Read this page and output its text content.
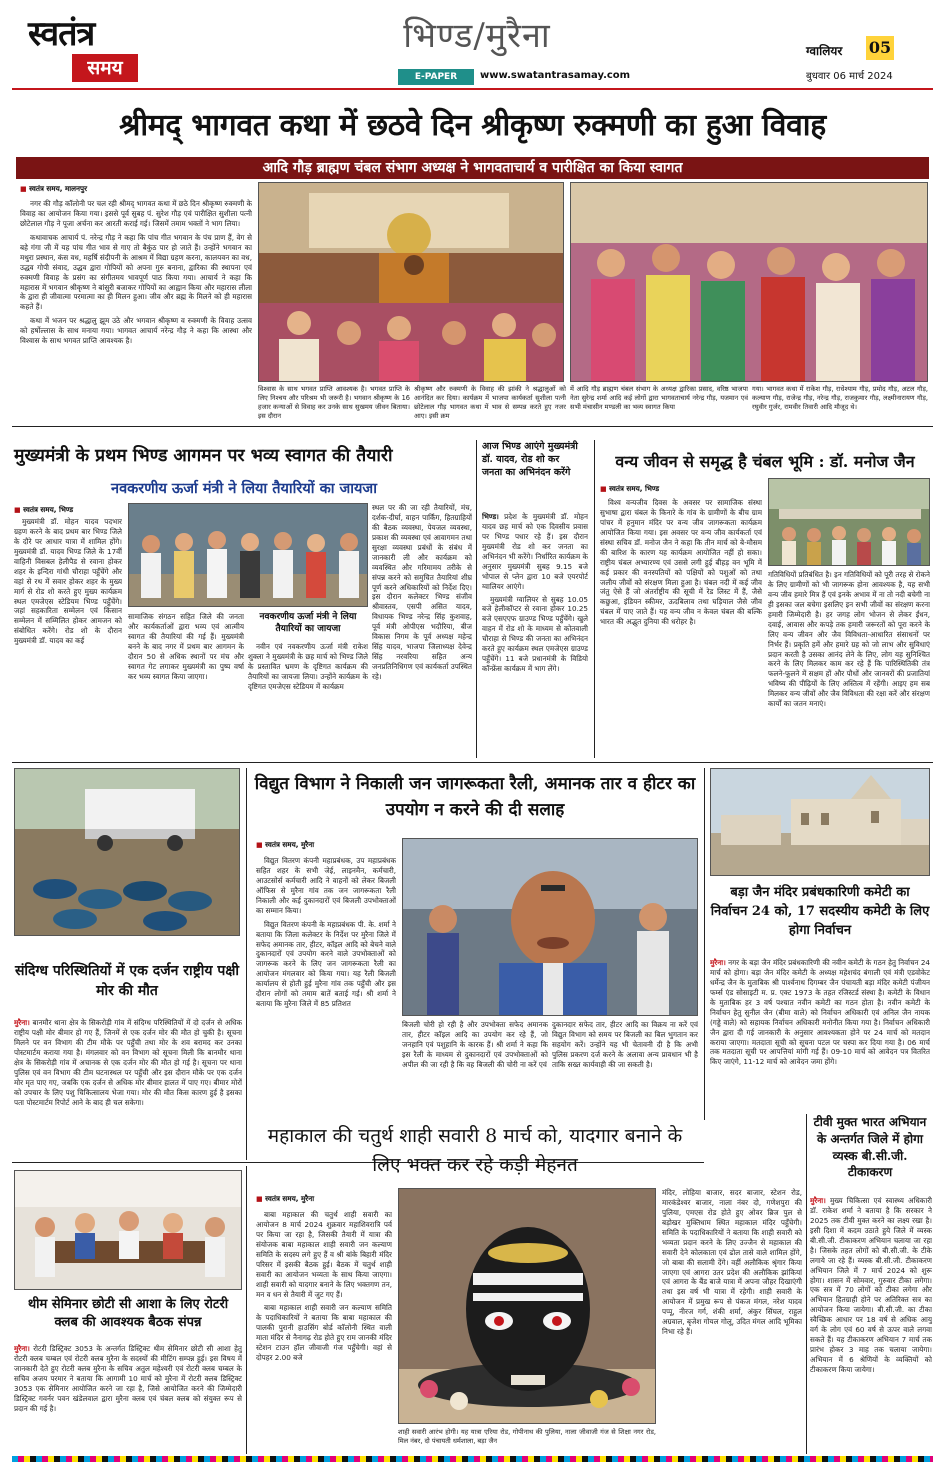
स्वतंत्र
समय
भिण्ड/मुरैना
E-PAPER	www.swatantrasamay.com
ग्वालियर 05
बुधवार 06 मार्च 2024
श्रीमद् भागवत कथा में छठवे दिन श्रीकृष्ण रुक्मणी का हुआ विवाह
आदि गौड़ ब्राह्मण चंबल संभाग अध्यक्ष ने भागवताचार्य व पारीक्षित का किया स्वागत
■ स्वतंत्र समय, मालनपुर

नगर की गौड़ कॉलोनी पर चल रही श्रीमद् भागवत कथा में छठे दिन श्रीकृष्ण रुक्मणी के विवाह का आयोजन किया गया। इससे पूर्व सुबह पं. सुरेश गौड़ एवं पारीक्षित सुशीला पत्नी छोटेलाल गौड़ ने पूजा अर्चना कर आरती कराई गई। जिसमें तमाम भक्तों ने भाग लिया।

कथावाचक आचार्य पं. नरेन्द्र गौड़ ने कहा कि पांच गीत भगवान के पंच प्राण हैं, वेग से बहे गंगा जी में यह पांच गीत भाव से गाए तो बैकुंठ पार हो जाते हैं। उन्होंने भगवान का मथुरा प्रस्थान, कंस वध, महर्षि संदीपनी के आश्रम में विद्या ग्रहण करना, कालयवन का वध, उद्धव गोपी संवाद, उद्धव द्वारा गोपियों को अपना गुरु बनाना, द्वारिका की स्थापना एवं रुक्मणी विवाह के प्रसंग का संगीतमय भावपूर्ण पाठ किया गया। आचार्य ने कहा कि महारास में भगवान श्रीकृष्ण ने बांसुरी बजाकर गोपियों का आह्वान किया और महारास लीला के द्वारा ही जीवात्मा परमात्मा का ही मिलन हुआ। जीव और ब्रह्म के मिलने को ही महारास कहते हैं।

कथा में भजन पर श्रद्धालु झूम उठे और भगवान श्रीकृष्ण व रुक्मणी के विवाह उत्सव को हर्षोल्लास के साथ मनाया गया। भागवत आचार्य नरेन्द्र गौड़ ने कहा कि आस्था और विश्वास के साथ भगवत प्राप्ति आवश्यक है।

विश्वास के साथ भगवत प्राप्ति आवश्यक है। भगवत प्राप्ति के लिए निश्चय और परिश्रम भी जरूरी है। भगवान श्रीकृष्ण के 16 हजार कन्याओं से विवाह कर उनके साथ सुखमय जीवन बिताया। इस दौरान
श्रीकृष्ण और रुक्मणी के विवाह की झांकी ने श्रद्धालुओं को आनंदित कर दिया। कार्यक्रम में भाजपा कार्यकर्ता सुशीला पत्नी छोटेलाल गौड़ भागवत कथा में भाव से सम्पन्न करते हुए नजर आए। इसी क्रम
में आदि गौड़ ब्राह्मण चंबल संभाग के अध्यक्ष द्वारिका प्रसाद, वरिष्ठ भाजपा नेता सुरेन्द्र शर्मा आदि कई लोगों द्वारा भागवताचार्य नरेन्द्र गौड़, यजमान एवं सभी मंचासीन मण्डली का भव्य स्वागत किया
गया। भागवत कथा में राकेश गौड़, राधेश्याम गौड़, प्रमोद गौड़, अटल गौड़, कल्याण गौड़, राजेन्द्र गौड़, नरेन्द्र गौड़, राजकुमार गौड़, लक्ष्मीनारायण गौड़, रघुवीर गुर्जर, रामवीर तिवारी आदि मौजूद थे।
मुख्यमंत्री के प्रथम भिण्ड आगमन पर भव्य स्वागत की तैयारी
नवकरणीय ऊर्जा मंत्री ने लिया तैयारियों का जायजा
■ स्वतंत्र समय, भिण्ड
मुख्यमंत्री डॉ. मोहन यादव पदभार ग्रहण करने के बाद प्रथम बार भिण्ड जिले के दौरे पर आधार यात्रा में शामिल होंगे। मुख्यमंत्री डॉ. यादव भिण्ड जिले के 17वीं वाहिनी विसबल हेलीपैड से रवाना होकर शहर के इन्दिरा गांधी चौराहा पहुँचेंगे और वहां से रथ में सवार होकर शहर के मुख्य मार्ग से रोड शो करते हुए मुख्य कार्यक्रम स्थल एमजेएस स्टेडियम भिण्ड पहुँचेंगे। जहां सहकारिता सम्मेलन एवं किसान सम्मेलन में सम्मिलित होकर आमजन को संबोधित करेंगे। रोड शो के दौरान मुख्यमंत्री डॉ. यादव का कई
सामाजिक संगठन सहित जिले की जनता और कार्यकर्ताओं द्वारा भव्य एवं आत्मीय स्वागत की तैयारियां की गई हैं। मुख्यमंत्री बनने के बाद नगर में प्रथम बार आगमन के दौरान 50 से अधिक स्थानों पर मंच और स्वागत गेट लगाकर मुख्यमंत्री का पुष्प वर्षा कर भव्य स्वागत किया जाएगा।
नवकरणीय ऊर्जा मंत्री ने लिया तैयारियों का जायजा
नवीन एवं नवकरणीय ऊर्जा मंत्री राकेश शुक्ला ने मुख्यमंत्री के छह मार्च को भिण्ड जिले के प्रस्तावित भ्रमण के दृष्टिगत कार्यक्रम की तैयारियों का जायजा लिया। उन्होंने कार्यक्रम के दृष्टिगत एमजेएस स्टेडियम में कार्यक्रम
स्थल पर की जा रही तैयारियों, मंच, दर्शक-दीर्घा, वाहन पार्किंग, हितग्राहियों की बैठक व्यवस्था, पेयजल व्यवस्था, प्रकाश की व्यवस्था एवं आवागमन तथा सुरक्षा व्यवस्था प्रबंधों के संबंध में जानकारी ली और कार्यक्रम को व्यवस्थित और गरिमामय तरीके से संपन्न करने को समुचित तैयारियां शीघ्र पूर्ण करने अधिकारियों को निर्देश दिए। इस दौरान कलेक्टर भिण्ड संजीव श्रीवास्तव, एसपी असित यादव, विधायक भिण्ड नरेन्द्र सिंह कुशवाह, पूर्व मंत्री ओपीएस भदौरिया, बीज विकास निगम के पूर्व अध्यक्ष महेन्द्र सिंह यादव, भाजपा जिलाध्यक्ष देवेन्द्र सिंह नरवरिया सहित अन्य जनप्रतिनिधिगण एवं कार्यकर्ता उपस्थित रहे।
आज भिण्ड आएंगे मुख्यमंत्री डॉ. यादव, रोड शो कर जनता का अभिनंदन करेंगे

भिण्ड। प्रदेश के मुख्यमंत्री डॉ. मोहन यादव छह मार्च को एक दिवसीय प्रवास पर भिण्ड पधार रहे हैं। इस दौरान मुख्यमंत्री रोड शो कर जनता का अभिनंदन भी करेंगे। निर्धारित कार्यक्रम के अनुसार मुख्यमंत्री सुबह 9.15 बजे भोपाल से प्लेन द्वारा 10 बजे एयरपोर्ट ग्वालियर आएंगे।

मुख्यमंत्री ग्वालियर से सुबह 10.05 बजे हेलीकॉप्टर से रवाना होकर 10.25 बजे एसएएफ ग्राउण्ड भिण्ड पहुँचेंगे। खुले वाहन में रोड शो के माध्यम से कोतवाली चौराहा से भिण्ड की जनता का अभिनंदन करते हुए कार्यक्रम स्थल एमजेएस ग्राउण्ड पहुँचेंगे। 11 बजे प्रधानमंत्री के विडियो कॉन्फ्रेंस कार्यक्रम में भाग लेंगे।

वन्य जीवन से समृद्ध है चंबल भूमि : डॉ. मनोज जैन
■ स्वतंत्र समय, भिण्ड
विश्व वन्यजीव दिवस के अवसर पर सामाजिक संस्था सुभाषा द्वारा चंबल के किनारे के गांव के ग्रामीणों के बीच ग्राम पांचर में हनुमान मंदिर पर वन्य जीव जागरूकता कार्यक्रम आयोजित किया गया। इस अवसर पर वन्य जीव कार्यकर्ता एवं संस्था सचिव डॉ. मनोज जैन ने कहा कि तीन मार्च को बे-मौसम की बारिश के कारण यह कार्यक्रम आयोजित नहीं हो सका। राष्ट्रीय चंबल अभ्यारण्य एवं उससे लगी हुई बीहड़ वन भूमि में कई प्रकार की वनस्पतियों को पक्षियों को पशुओं को तथा जलीय जीवों को संरक्षण मिला हुआ है। चंबल नदी में कई जीव जंतु ऐसे हैं जो अंतर्राष्ट्रीय की सूची में रेड लिस्ट में हैं, जैसे कछुआ, इंडियन स्कीमर, ऊदबिलाव तथा घड़ियाल जैसे जीव चंबल में पाए जाते हैं। यह वन्य जीव न केवल चंबल की बल्कि भारत की अद्भुत दुनिया की धरोहर है।
गतिविधियों प्रतिबंधित है। इन गतिविधियों को पूरी तरह से रोकने के लिए ग्रामीणों को भी जागरूक होना आवश्यक है, यह सभी वन्य जीव हमारे मित्र हैं एवं इनके अभाव में ना तो नदी बचेगी ना ही इसका जल बचेगा इसलिए इन सभी जीवों का संरक्षण करना हमारी जिम्मेदारी है। हर जगह लोग भोजन से लेकर ईंधन, दवाई, आवास और कपड़े तक हमारी जरूरतों को पूरा करने के लिए वन्य जीवन और जैव विविधता-आधारित संसाधनों पर निर्भर हैं। प्रकृति हमें और हमारे ग्रह को जो लाभ और सुविधाएं प्रदान करती है उसका आनंद लेने के लिए, लोग यह सुनिश्चित करने के लिए मिलकर काम कर रहे हैं कि पारिस्थितिकी तंत्र फलने-फूलने में सक्षम हों और पौधों और जानवरों की प्रजातियां भविष्य की पीढ़ियों के लिए अस्तित्व में रहेंगी। आइए हम सब मिलकर वन्य जीवों और जैव विविधता की रक्षा करें और संरक्षण कार्यों का जतन मनाएं।
संदिग्ध परिस्थितियों में एक दर्जन राष्ट्रीय पक्षी मोर की मौत
मुरैना। बानमौर थाना क्षेत्र के सिकरोड़ी गांव में संदिग्ध परिस्थितियों में दो दर्जन से अधिक राष्ट्रीय पक्षी मोर बीमार हो गए हैं, जिनमें से एक दर्जन मोर की मौत हो चुकी है। सूचना मिलने पर वन विभाग की टीम मौके पर पहुँची तथा मोर के शव बरामद कर उनका पोस्टमार्टम कराया गया है। मंगलवार को वन विभाग को सूचना मिली कि बानमौर थाना क्षेत्र के सिकरोड़ी गांव में अचानक से एक दर्जन मोर की मौत हो गई है। सूचना पर थाना पुलिस एवं वन विभाग की टीम घटनास्थल पर पहुँची और इस दौरान मौके पर एक दर्जन मोर मृत पाए गए, जबकि एक दर्जन से अधिक मोर बीमार हालत में पाए गए। बीमार मोरों को उपचार के लिए पशु चिकित्सालय भेजा गया। मोर की मौत किस कारण हुई है इसका पता पोस्टमार्टम रिपोर्ट आने के बाद ही चल सकेगा।
विद्युत विभाग ने निकाली जन जागरूकता रैली, अमानक तार व हीटर का उपयोग न करने की दी सलाह
■ स्वतंत्र समय, मुरैना

विद्युत वितरण कंपनी महाप्रबंधक, उप महाप्रबंधक सहित शहर के सभी जेई, लाइनमैन, कर्मचारी, आउटसोर्स कर्मचारी आदि ने वाहनों को लेकर बिजली ऑफिस से मुरैना गांव तक जन जागरूकता रैली निकाली और कई दुकानदारों एवं बिजली उपभोक्ताओं का सम्मान किया।

विद्युत वितरण कंपनी के महाप्रबंधक पी. के. शर्मा ने बताया कि जिला कलेक्टर के निर्देश पर मुरैना जिले में सफेद अमानक तार, हीटर, कॉइल आदि को बेचने वाले दुकानदारों एवं उपयोग करने वाले उपभोक्ताओं को जागरूक करने के लिए जन जागरूकता रैली का आयोजन मंगलवार को किया गया। यह रैली बिजली कार्यालय से होती हुई मुरैना गांव तक पहुँची और इस दौरान लोगों को तमाम बातें बताई गई। श्री शर्मा ने बताया कि मुरैना जिले में 85 प्रतिशत

बिजली चोरी हो रही है और उपभोक्ता सफेद अमानक तार, हीटर कॉइल आदि का उपयोग कर रहे हैं, जो जनहानि एवं पशुहानि के कारक हैं। श्री शर्मा ने कहा कि इस रैली के माध्यम से दुकानदारों एवं उपभोक्ताओं को अपील की जा रही है कि वह बिजली की चोरी ना करें एवं
दुकानदार सफेद तार, हीटर आदि का विक्रय ना करें एवं विद्युत विभाग को समय पर बिजली का बिल भुगतान कर सहयोग करें। उन्होंने यह भी चेतावनी दी है कि अभी पुलिस प्रकरण दर्ज करने के अलावा अन्य प्रावधान भी है ताकि सख्त कार्यवाही की जा सकती है।
बड़ा जैन मंदिर प्रबंधकारिणी कमेटी का निर्वाचन 24 को, 17 सदस्यीय कमेटी के लिए होगा निर्वाचन
मुरैना। नगर के बड़ा जैन मंदिर प्रबंधकारिणी की नवीन कमेटी के गठन हेतु निर्वाचन 24 मार्च को होगा। बड़ा जैन मंदिर कमेटी के अध्यक्ष महेशचंद बंगाली एवं मंत्री एडवोकेट धर्मेन्द्र जैन के मुताबिक श्री पार्श्वनाथ दिगम्बर जैन पंचायती बड़ा मंदिर कमेटी पंजीयन फर्म्स एंड सोसाइटी म. प्र. एक्ट 1973 के तहत रजिस्टर्ड संस्था है। कमेटी के विधान के मुताबिक हर 3 वर्ष पश्चात नवीन कमेटी का गठन होता है। नवीन कमेटी के निर्वाचन हेतु सुनील जैन (बीमा वाले) को निर्वाचन अधिकारी एवं अनिल जैन नायक (गड्डे वाले) को सहायक निर्वाचन अधिकारी मनोनीत किया गया है। निर्वाचन अधिकारी जैन द्वारा दी गई जानकारी के अनुसार आवश्यकता होने पर 24 मार्च को मतदान कराया जाएगा। मतदाता सूची को सूचना पटल पर चस्पा कर दिया गया है। 06 मार्च तक मतदाता सूची पर आपत्तियां मांगी गई हैं। 09-10 मार्च को आवेदन पत्र वितरित किए जाएंगे, 11-12 मार्च को आवेदन जमा होंगे।
थीम सेमिनार छोटी सी आशा के लिए रोटरी क्लब की आवश्यक बैठक संपन्न
मुरैना। रोटरी डिस्ट्रिक्ट 3053 के अन्तर्गत डिस्ट्रिक्ट थीम सेमिनार छोटी सी आशा हेतु रोटरी क्लब चम्बल एवं रोटरी क्लब मुरैना के सदस्यों की मीटिंग सम्पन्न हुई। इस विषय में जानकारी देते हुए रोटरी क्लब मुरैना के सचिव अतुल महेश्वरी एवं रोटरी क्लब चम्बल के सचिव अजय परमार ने बताया कि आगामी 10 मार्च को मुरैना में रोटरी क्लब डिस्ट्रिक्ट 3053 एक सेमिनार आयोजित करने जा रहा है, जिसे आयोजित करने की जिम्मेदारी डिस्ट्रिक्ट गवर्नर पवन खंडेलवाल द्वारा मुरैना क्लब एवं चंबल क्लब को संयुक्त रूप से प्रदान की गई है।
महाकाल की चतुर्थ शाही सवारी 8 मार्च को, यादगार बनाने के लिए भक्त कर रहे कड़ी मेहनत
■ स्वतंत्र समय, मुरैना

बाबा महाकाल की चतुर्थ शाही सवारी का आयोजन 8 मार्च 2024 शुक्रवार महाशिवरात्रि पर्व पर किया जा रहा है, जिसकी तैयारी में यात्रा की संयोजक बाबा महाकाल शाही सवारी जन कल्याण समिति के सदस्य लगे हुए हैं व श्री बांके बिहारी मंदिर परिसर में इसकी बैठक हुई। बैठक में चतुर्थ शाही सवारी का आयोजन भव्यता के साथ किया जाएगा। शाही सवारी को यादगार बनाने के लिए भक्तगण तन, मन व धन से तैयारी में जुट गए हैं।

बाबा महाकाल शाही सवारी जन कल्याण समिति के पदाधिकारियों ने बताया कि बाबा महाकाल की पालकी पुरानी हाउसिंग बोर्ड कॉलोनी स्थित वाली माता मंदिर से नैनागढ़ रोड होते हुए राम जानकी मंदिर स्टेशन टाउन हॉल जीवाजी गंज पहुँचेगी। वहां से दोपहर 2.00 बजे

शाही सवारी आरंभ होगी। यह यात्रा एरिया रोड, गोपीनाथ की पुलिया, नाला जीवाजी गंज से शिक्षा नगर रोड, मिल नंबर, दो पंचायती धर्मशाला, बड़ा जैन
मंदिर, लोहिया बाजार, सदर बाजार, स्टेशन रोड, मारकंडेश्वर बाजार, नाला नंबर दो, गणेशपुरा की पुलिया, एमएस रोड होते हुए ओवर ब्रिज पुल से बड़ोखर मुक्तिधाम स्थित महाकाल मंदिर पहुँचेगी। समिति के पदाधिकारियों ने बताया कि शाही सवारी को भव्यता प्रदान करने के लिए उज्जैन से महाकाल की सवारी देने कोलकाता एवं ढोल तासे वाले शामिल होंगे, जो बाबा की सलामी देंगे। वहीं अलौकिक श्रृंगार किया जाएगा एवं आगरा उतर प्रदेश की अलौकिक झांकियां एवं आगरा के बैंड बाजे यात्रा में अपना जौहर दिखाएंगी तथा इस वर्ष भी यात्रा में रहेगी। शाही सवारी के आयोजन में प्रमुख रूप से पंकज मंगल, नरेश यादव पप्पू, नीरज गर्ग, शंकी शर्मा, अंकुर सिंघल, राहुल अग्रवाल, बृजेश गोयल गोलू, उदित मंगल आदि भूमिका निभा रहे हैं।
टीवी मुक्त भारत अभियान के अन्तर्गत जिले में होगा व्यस्क बी.सी.जी. टीकाकरण
मुरैना। मुख्य चिकित्सा एवं स्वास्थ्य अधिकारी डॉ. राकेश शर्मा ने बताया है कि सरकार ने 2025 तक टीवी मुक्त करने का लक्ष्य रखा है। इसी दिशा में कदम उठाते हुये जिले में व्यस्क बी.सी.जी. टीकाकरण अभियान चलाया जा रहा है। जिसके तहत लोगों को बी.सी.जी. के टीके लगाये जा रहे हैं। व्यस्क बी.सी.जी. टीकाकरण अभियान जिले में 7 मार्च 2024 को शुरू होगा। शासन में सोमवार, गुरुवार टीका लगेगा। एक सत्र में 70 लोगों को टीका लगेगा और अभियान हितग्राही होने पर अतिरिक्त सत्र का आयोजन किया जायेगा। बी.सी.जी. का टीका स्वैच्छिक आधार पर 18 वर्ष से अधिक आयु वर्ग के लोग एवं 60 वर्ष से ऊपर वाले लगवा सकते हैं। यह टीकाकरण अभियान 7 मार्च तक प्रारंभ होकर 3 माह तक चलाया जायेगा। अभियान में 6 श्रेणियों के व्यक्तियों को टीकाकरण किया जायेगा।
